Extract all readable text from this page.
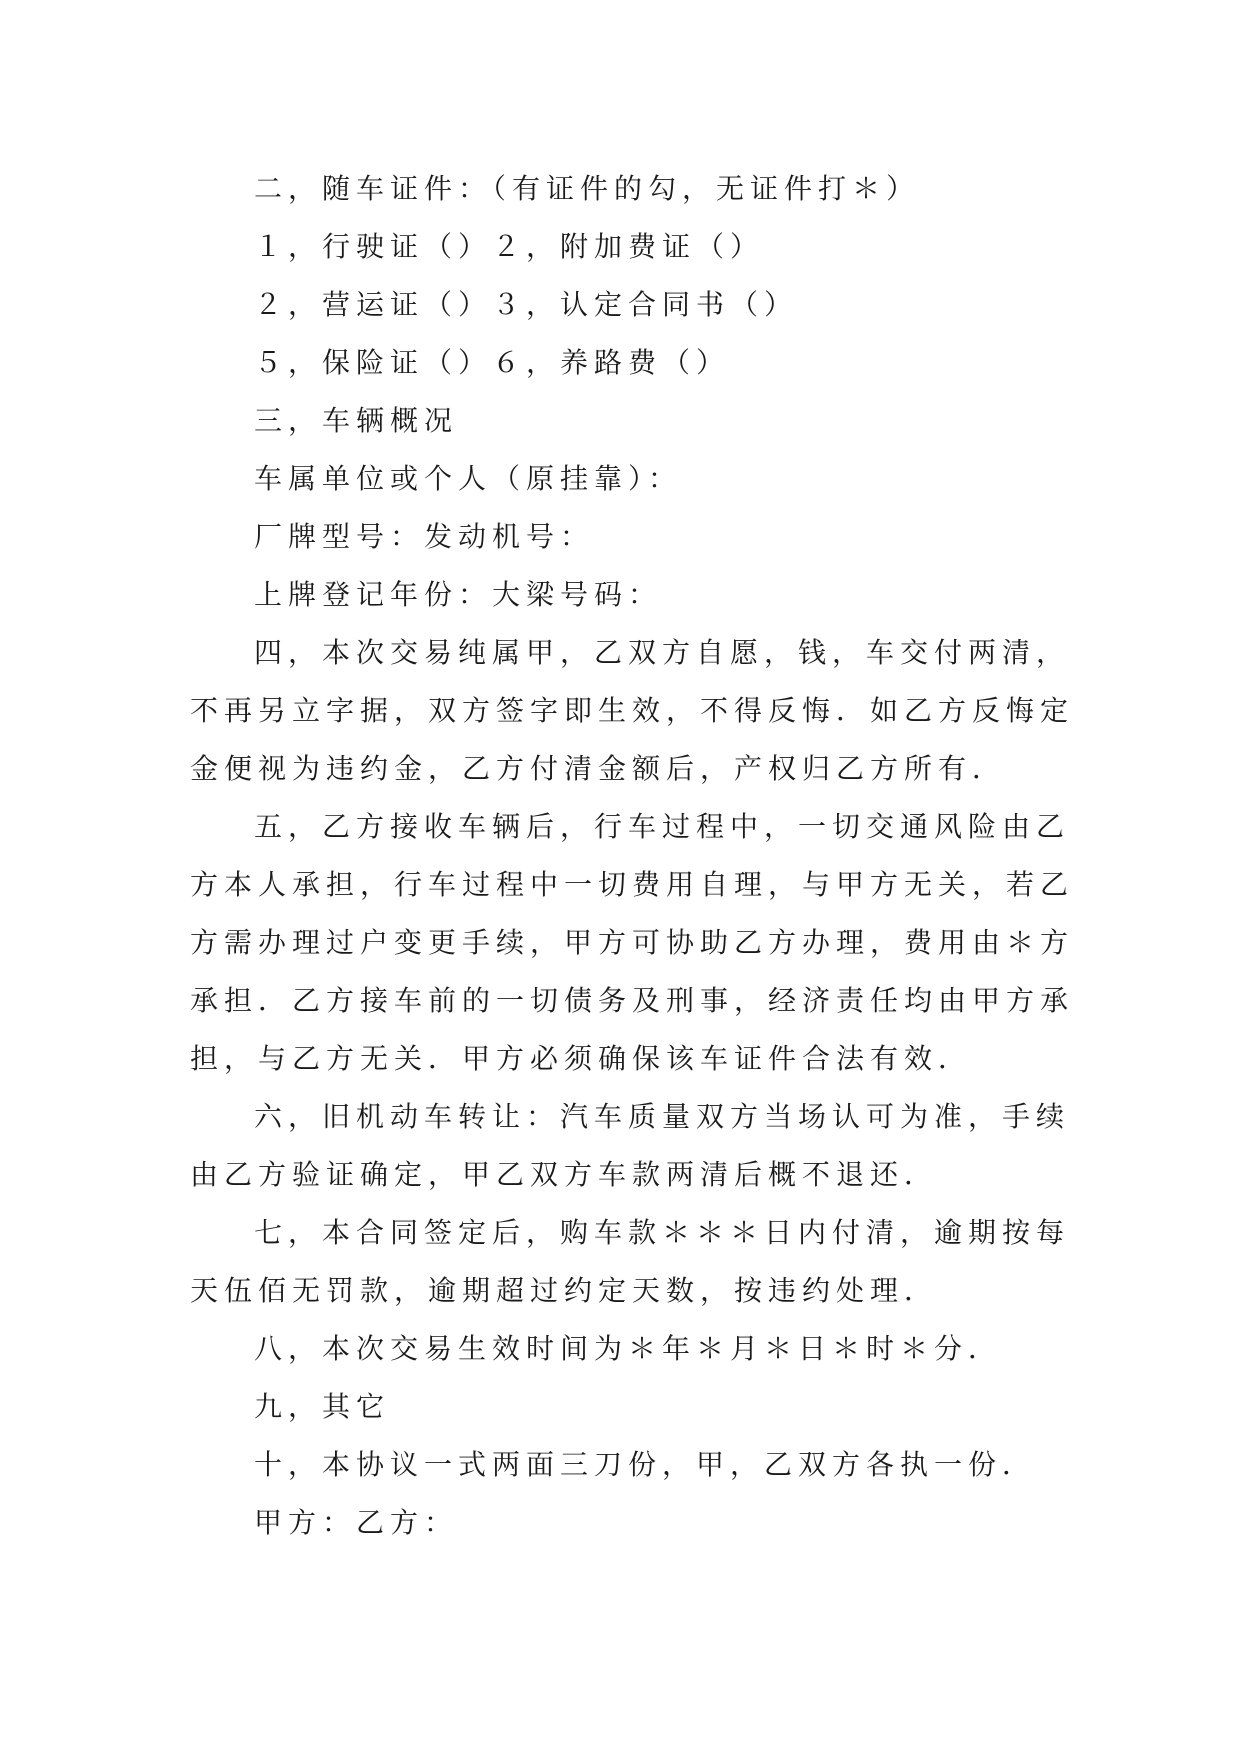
二，随车证件：（有证件的勾，无证件打＊）
１，行驶证（）２，附加费证（）
２，营运证（）３，认定合同书（）
５，保险证（）６，养路费（）
三，车辆概况
车属单位或个人（原挂靠）：
厂牌型号：发动机号：
上牌登记年份：大梁号码：
四，本次交易纯属甲，乙双方自愿，钱，车交付两清，
不再另立字据，双方签字即生效，不得反悔．如乙方反悔定
金便视为违约金，乙方付清金额后，产权归乙方所有．
五，乙方接收车辆后，行车过程中，一切交通风险由乙
方本人承担，行车过程中一切费用自理，与甲方无关，若乙
方需办理过户变更手续，甲方可协助乙方办理，费用由＊方
承担．乙方接车前的一切债务及刑事，经济责任均由甲方承
担，与乙方无关．甲方必须确保该车证件合法有效．
六，旧机动车转让：汽车质量双方当场认可为准，手续
由乙方验证确定，甲乙双方车款两清后概不退还．
七，本合同签定后，购车款＊＊＊日内付清，逾期按每
天伍佰无罚款，逾期超过约定天数，按违约处理．
八，本次交易生效时间为＊年＊月＊日＊时＊分．
九，其它
十，本协议一式两面三刀份，甲，乙双方各执一份．
甲方：乙方：
